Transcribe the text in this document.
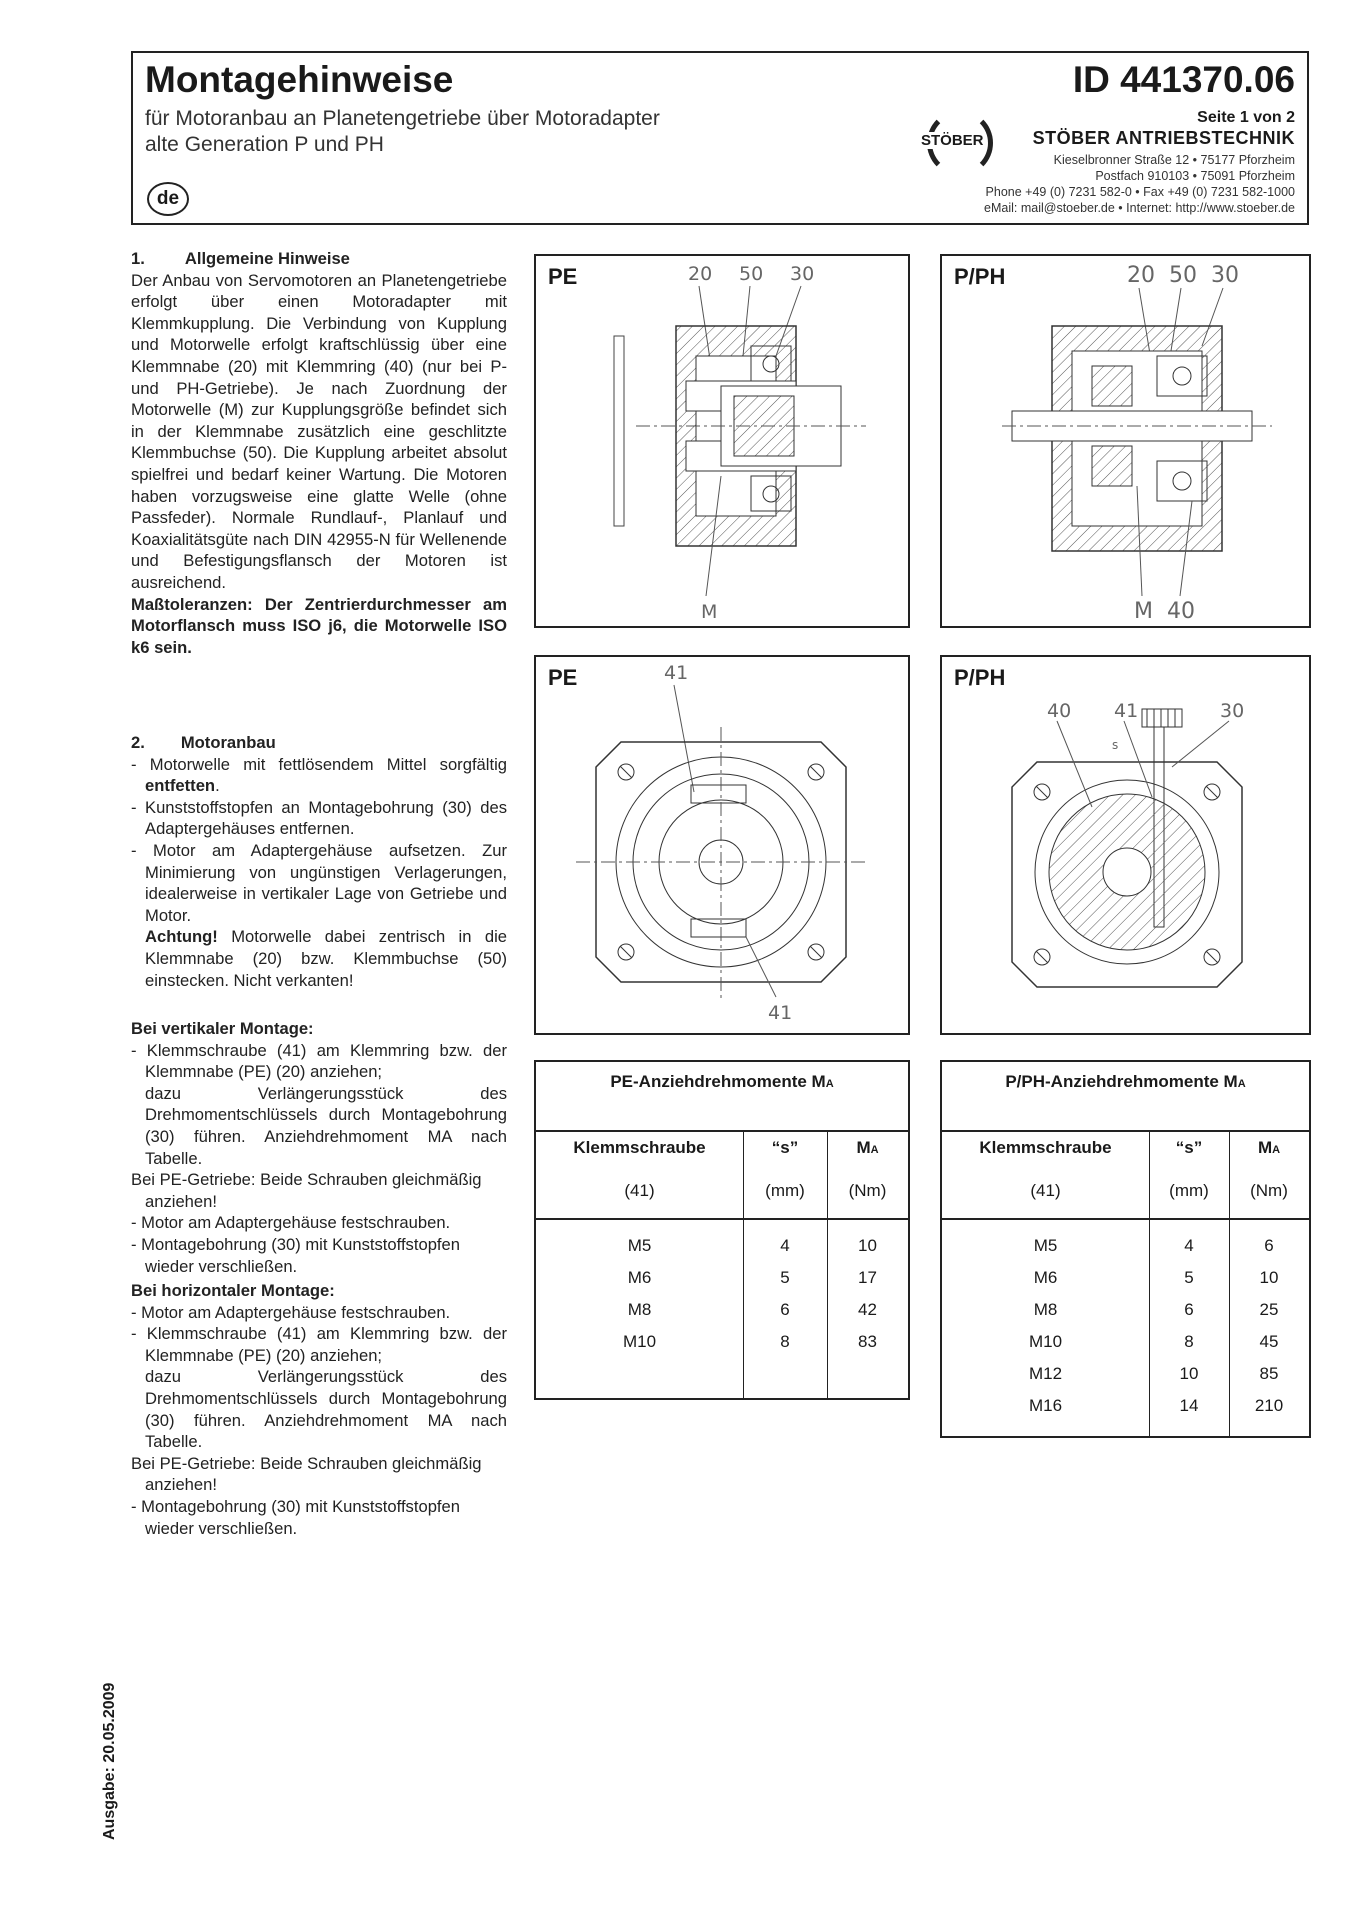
Montagehinweise
für Motoranbau an Planetengetriebe über Motoradapter
alte Generation P und PH
de
ID 441370.06
Seite 1 von 2
STÖBER	STÖBER ANTRIEBSTECHNIK
Kieselbronner Straße 12 • 75177 Pforzheim
Postfach 910103 • 75091 Pforzheim
Phone +49 (0) 7231 582-0 • Fax +49 (0) 7231 582-1000
eMail: mail@stoeber.de • Internet: http://www.stoeber.de

1. Allgemeine Hinweise

Der Anbau von Servomotoren an Planetengetriebe erfolgt über einen Motoradapter mit Klemmkupplung. Die Verbindung von Kupplung und Motorwelle erfolgt kraftschlüssig über eine Klemmnabe (20) mit Klemmring (40) (nur bei P- und PH-Getriebe). Je nach Zuordnung der Motorwelle (M) zur Kupplungsgröße befindet sich in der Klemmnabe zusätzlich eine geschlitzte Klemmbuchse (50). Die Kupplung arbeitet absolut spielfrei und bedarf keiner Wartung. Die Motoren haben vorzugsweise eine glatte Welle (ohne Passfeder). Normale Rundlauf-, Planlauf und Koaxialitätsgüte nach DIN 42955-N für Wellenende und Befestigungsflansch der Motoren ist ausreichend.

Maßtoleranzen: Der Zentrierdurchmesser am Motorflansch muss ISO j6, die Motorwelle ISO k6 sein.

2. Motoranbau

- Motorwelle mit fettlösendem Mittel sorgfältig entfetten.

- Kunststoffstopfen an Montagebohrung (30) des Adaptergehäuses entfernen.

- Motor am Adaptergehäuse aufsetzen. Zur Minimierung von ungünstigen Verlagerungen, idealerweise in vertikaler Lage von Getriebe und Motor.

Achtung! Motorwelle dabei zentrisch in die Klemmnabe (20) bzw. Klemmbuchse (50) einstecken. Nicht verkanten!

Bei vertikaler Montage:

- Klemmschraube (41) am Klemmring bzw. der Klemmnabe (PE) (20) anziehen;

dazu Verlängerungsstück des Drehmomentschlüssels durch Montagebohrung (30) führen. Anziehdrehmoment MA nach Tabelle.

Bei PE-Getriebe: Beide Schrauben gleichmäßig anziehen!

- Motor am Adaptergehäuse festschrauben.

- Montagebohrung (30) mit Kunststoffstopfen wieder verschließen.

Bei horizontaler Montage:

- Motor am Adaptergehäuse festschrauben.

- Klemmschraube (41) am Klemmring bzw. der Klemmnabe (PE) (20) anziehen;

dazu Verlängerungsstück des Drehmomentschlüssels durch Montagebohrung (30) führen. Anziehdrehmoment MA nach Tabelle.

Bei PE-Getriebe: Beide Schrauben gleichmäßig anziehen!

- Montagebohrung (30) mit Kunststoffstopfen wieder verschließen.

PE	20 50 30
M
P/PH	20 50 30
M 40
PE	41
41
P/PH
40 41	30
s
PE-Anziehdrehmomente MA
Klemmschraube	“s”	MA
(41)	(mm)	(Nm)
M5	4	10
M6	5	17
M8	6	42
M10	8	83
P/PH-Anziehdrehmomente MA
Klemmschraube	“s”	MA
(41)	(mm)	(Nm)
M5	4	6
M6	5	10
M8	6	25
M10	8	45
M12	10	85
M16	14	210
Ausgabe: 20.05.2009
